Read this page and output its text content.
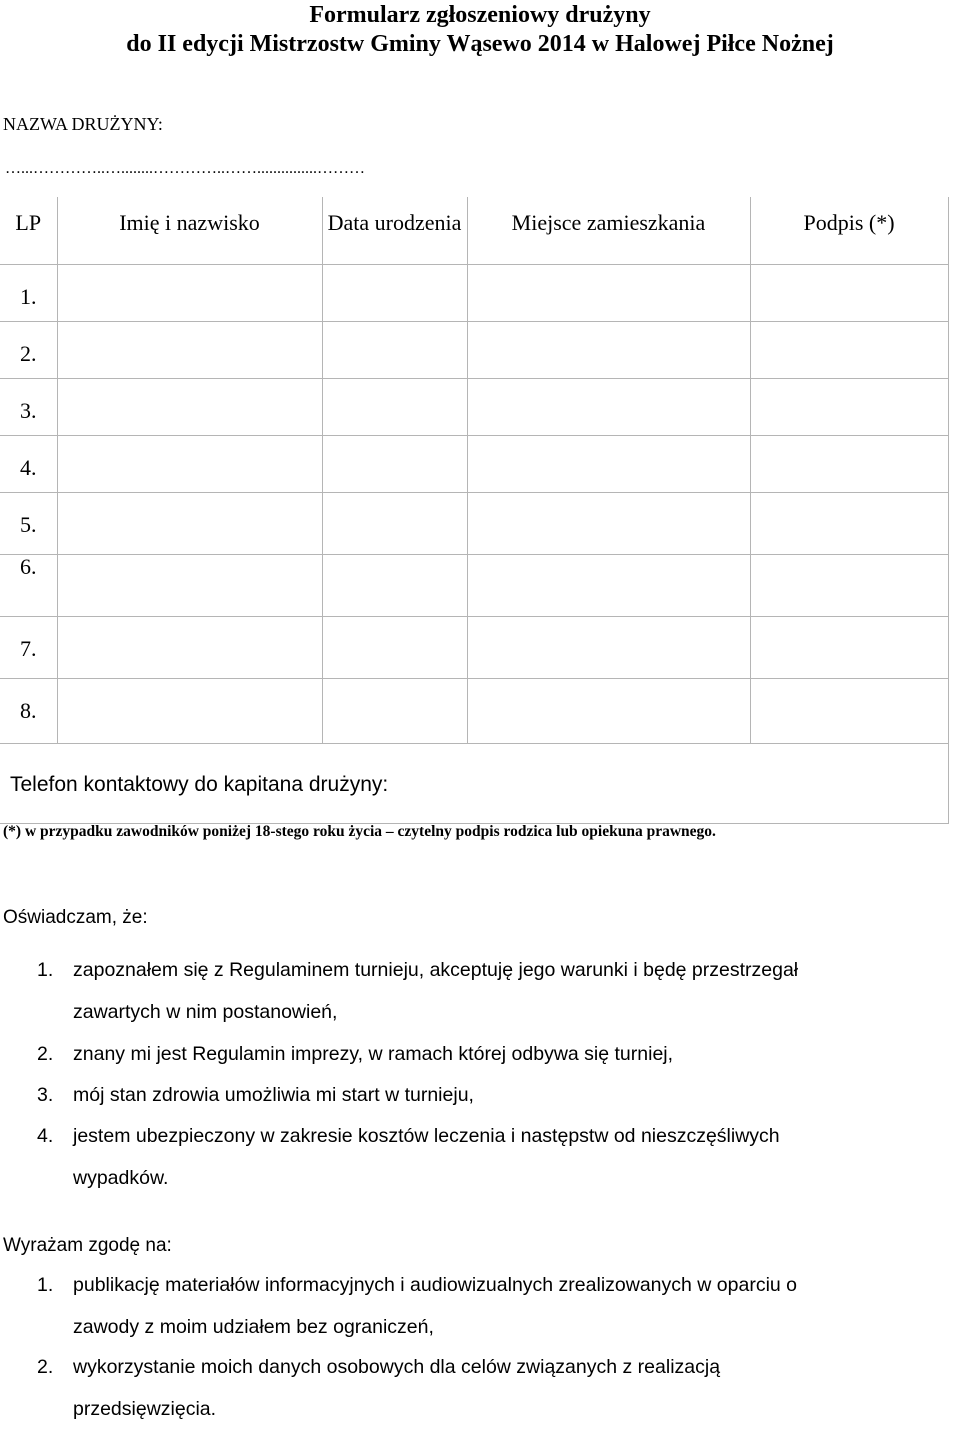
Formularz zgłoszeniowy drużyny
do II edycji Mistrzostw Gminy Wąsewo 2014 w Halowej Piłce Nożnej
NAZWA DRUŻYNY:
…...…………..…........…………..……...............………
LP	Imię i nazwisko	Data urodzenia	Miejsce zamieszkania	Podpis (*)
1.				
2.				
3.				
4.				
5.				
6.				
7.				
8.				
Telefon kontaktowy do kapitana drużyny:				
(*) w przypadku zawodników poniżej 18-stego roku życia – czytelny podpis rodzica lub opiekuna prawnego.
Oświadczam, że:
1.	zapoznałem się z Regulaminem turnieju, akceptuję jego warunki i będę przestrzegał
zawartych w nim postanowień,
2.	znany mi jest Regulamin imprezy, w ramach której odbywa się turniej,
3.	mój stan zdrowia umożliwia mi start w turnieju,
4.	jestem ubezpieczony w zakresie kosztów leczenia i następstw od nieszczęśliwych
wypadków.
Wyrażam zgodę na:
1.	publikację materiałów informacyjnych i audiowizualnych zrealizowanych w oparciu o
zawody z moim udziałem bez ograniczeń,
2.	wykorzystanie moich danych osobowych dla celów związanych z realizacją
przedsięwzięcia.
